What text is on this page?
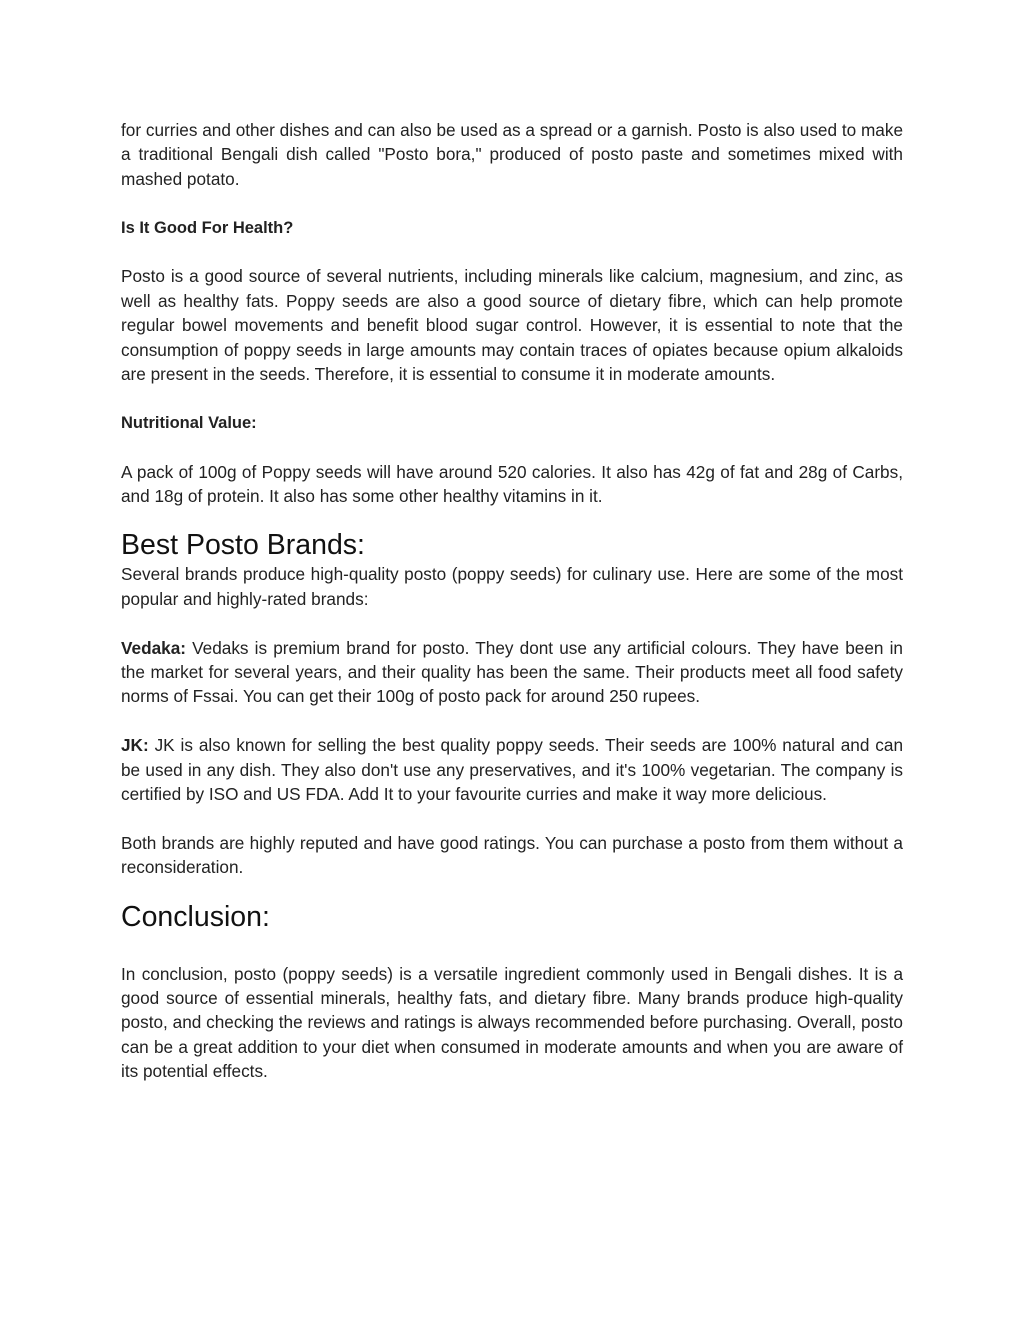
for curries and other dishes and can also be used as a spread or a garnish. Posto is also used to make a traditional Bengali dish called "Posto bora," produced of posto paste and sometimes mixed with mashed potato.

Is It Good For Health?

Posto is a good source of several nutrients, including minerals like calcium, magnesium, and zinc, as well as healthy fats. Poppy seeds are also a good source of dietary fibre, which can help promote regular bowel movements and benefit blood sugar control. However, it is essential to note that the consumption of poppy seeds in large amounts may contain traces of opiates because opium alkaloids are present in the seeds. Therefore, it is essential to consume it in moderate amounts.

Nutritional Value:

A pack of 100g of Poppy seeds will have around 520 calories. It also has 42g of fat and 28g of Carbs, and 18g of protein. It also has some other healthy vitamins in it.

Best Posto Brands:

Several brands produce high-quality posto (poppy seeds) for culinary use. Here are some of the most popular and highly-rated brands:

Vedaka: Vedaks is premium brand for posto. They dont use any artificial colours. They have been in the market for several years, and their quality has been the same. Their products meet all food safety norms of Fssai. You can get their 100g of posto pack for around 250 rupees.

JK: JK is also known for selling the best quality poppy seeds. Their seeds are 100% natural and can be used in any dish. They also don't use any preservatives, and it's 100% vegetarian. The company is certified by ISO and US FDA. Add It to your favourite curries and make it way more delicious.

Both brands are highly reputed and have good ratings. You can purchase a posto from them without a reconsideration.

Conclusion:

In conclusion, posto (poppy seeds) is a versatile ingredient commonly used in Bengali dishes. It is a good source of essential minerals, healthy fats, and dietary fibre. Many brands produce high-quality posto, and checking the reviews and ratings is always recommended before purchasing. Overall, posto can be a great addition to your diet when consumed in moderate amounts and when you are aware of its potential effects.
